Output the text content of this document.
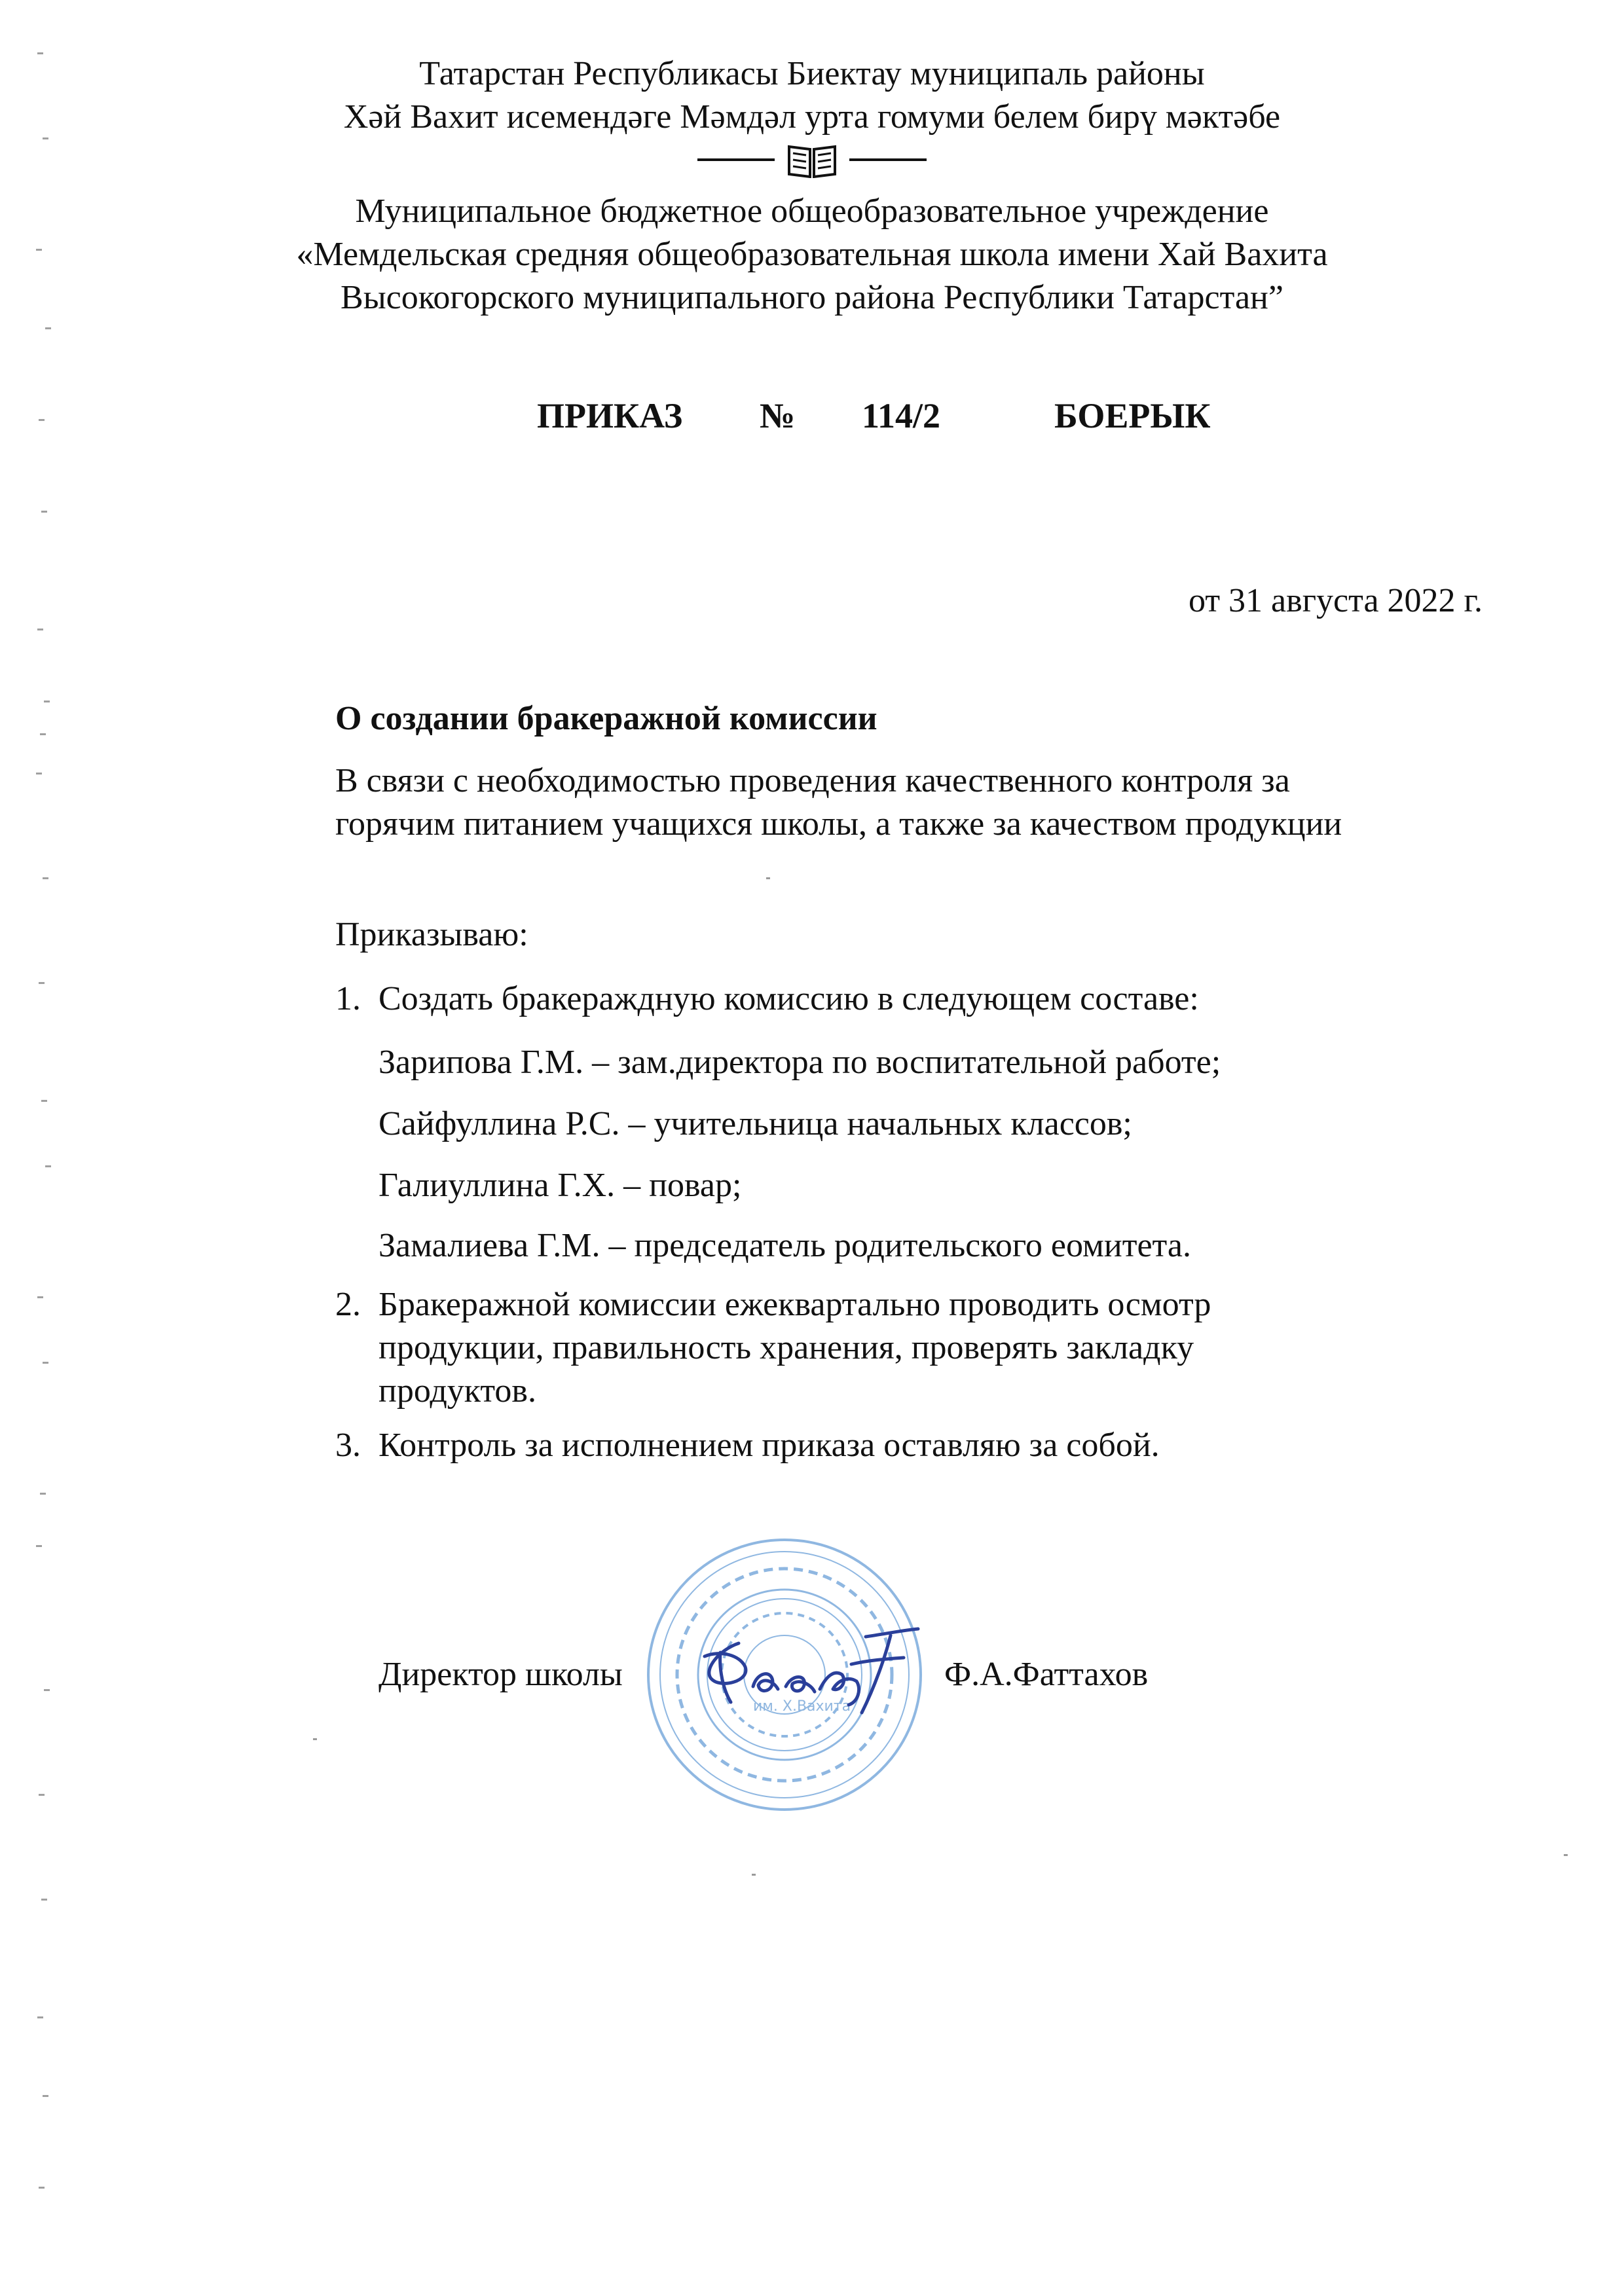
Татарстан Республикасы Биектау муниципаль районы
Хәй Вахит исемендәге Мәмдәл урта гомуми белем бирү мәктәбе
Муниципальное бюджетное общеобразовательное учреждение
«Мемдельская средняя общеобразовательная школа имени Хай Вахита
Высокогорского муниципального района Республики Татарстан”
ПРИКАЗ № 114/2	БОЕРЫК
от 31 августа 2022 г.
О создании бракеражной комиссии
В связи с необходимостью проведения качественного контроля за
горячим питанием учащихся школы, а также за качеством продукции
Приказываю:
1. Создать бракераждную комиссию в следующем составе:
Зарипова Г.М. – зам.директора по воспитательной работе;
Сайфуллина Р.С. – учительница начальных классов;
Галиуллина Г.Х. – повар;
Замалиева Г.М. – председатель родительского еомитета.
2. Бракеражной комиссии ежеквартально проводить осмотр
продукции, правильность хранения, проверять закладку
продуктов.
3. Контроль за исполнением приказа оставляю за собой.
им. Х.Вахита
Директор школы	Ф.А.Фаттахов
